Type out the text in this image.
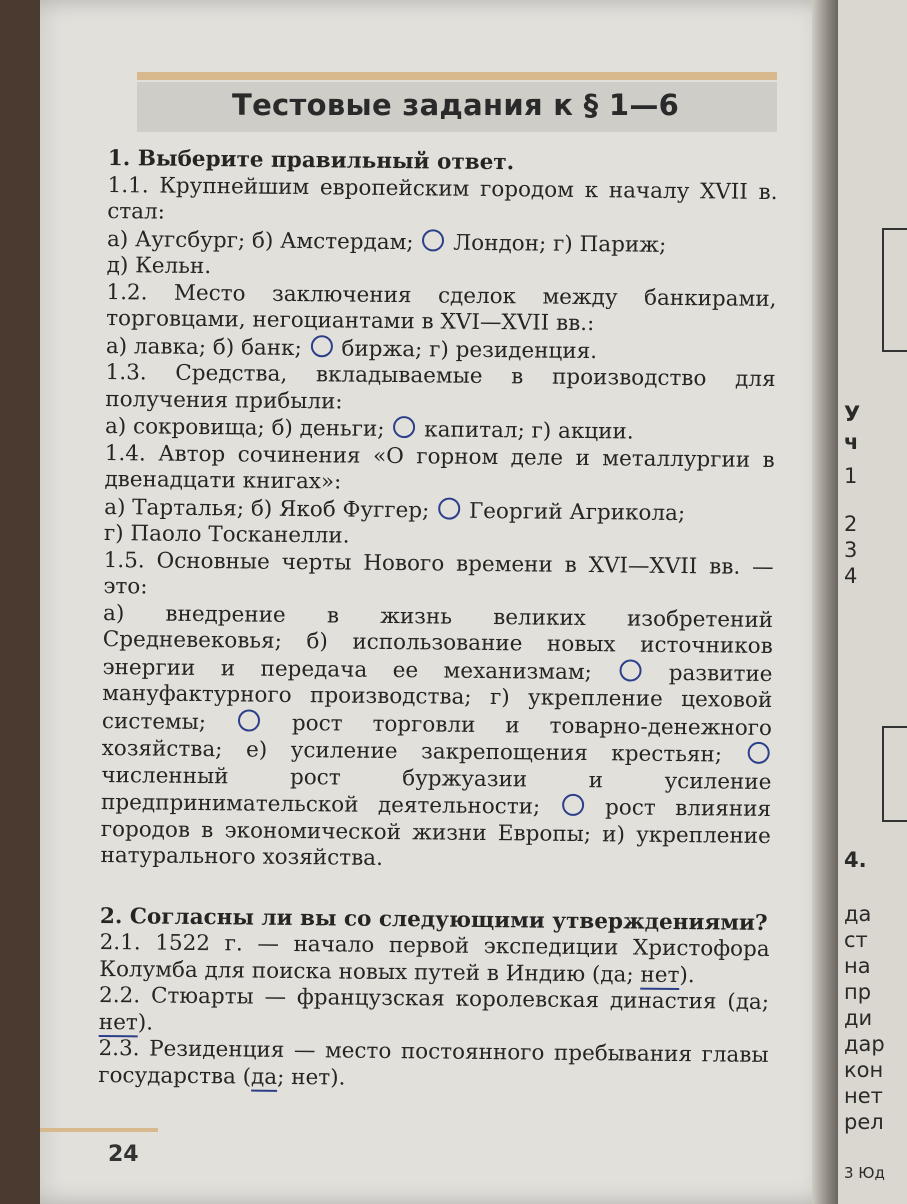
У
ч
1
2
3
4
4.
да
ст
на
пр
ди
дар
кон
нет
рел
3 Юд
Тестовые задания к § 1—6

1. Выберите правильный ответ.

1.1. Крупнейшим европейским городом к началу XVII в. стал:

а) Аугсбург; б) Амстердам; Лондон; г) Париж;

д) Кельн.

1.2. Место заключения сделок между банкирами, торговцами, негоциантами в XVI—XVII вв.:

а) лавка; б) банк; биржа; г) резиденция.

1.3. Средства, вкладываемые в производство для получения прибыли:

а) сокровища; б) деньги; капитал; г) акции.

1.4. Автор сочинения «О горном деле и металлургии в двенадцати книгах»:

а) Тарталья; б) Якоб Фуггер; Георгий Агрикола;

г) Паоло Тосканелли.

1.5. Основные черты Нового времени в XVI—XVII вв. — это:

а) внедрение в жизнь великих изобретений Средневековья; б) использование новых источников энергии и передача ее механизмам;	развитие мануфактурного производства; г) укрепление цеховой системы;	рост торговли и товарно-денежного хозяйства; е) усиление закрепощения крестьян;  численный рост буржуазии и усиление предпринимательской деятельности;	рост влияния городов в экономической жизни Европы; и) укрепление натурального хозяйства.

2. Согласны ли вы со следующими утверждениями?

2.1. 1522 г. — начало первой экспедиции Христофора Колумба для поиска новых путей в Индию (да; нет).

2.2. Стюарты — французская королевская династия (да; нет).

2.3. Резиденция — место постоянного пребывания главы государства (да; нет).

24
